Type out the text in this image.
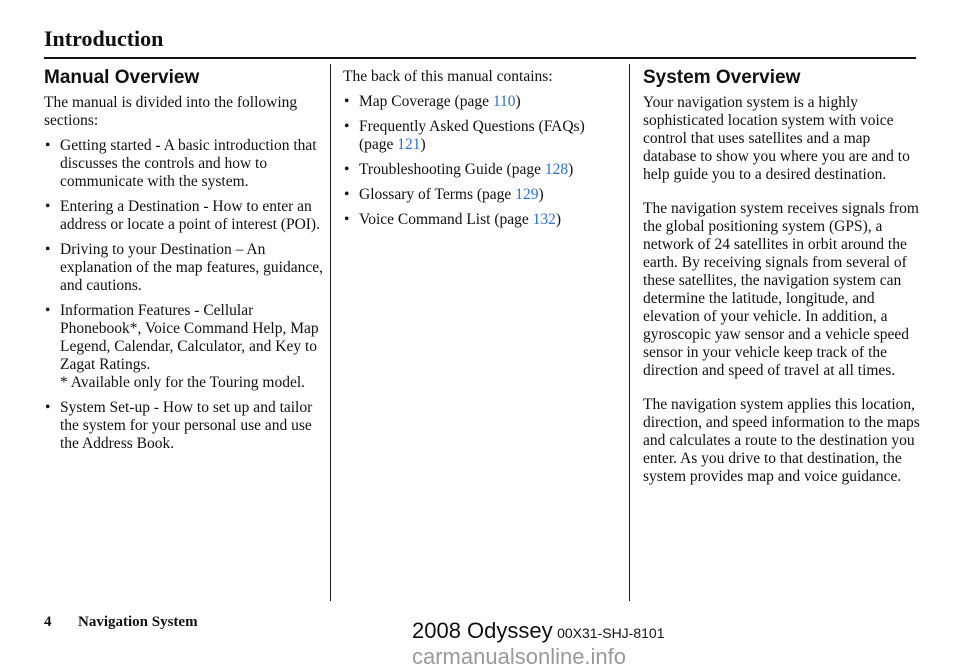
Introduction
Manual Overview

The manual is divided into the following sections:

• Getting started - A basic introduction that discusses the controls and how to communicate with the system.
• Entering a Destination - How to enter an address or locate a point of interest (POI).
• Driving to your Destination – An explanation of the map features, guidance, and cautions.
• Information Features - Cellular Phonebook*, Voice Command Help, Map Legend, Calendar, Calculator, and Key to Zagat Ratings.
* Available only for the Touring model.
• System Set-up - How to set up and tailor the system for your personal use and use the Address Book.

The back of this manual contains:

• Map Coverage (page 110)
• Frequently Asked Questions (FAQs) (page 121)
• Troubleshooting Guide (page 128)
• Glossary of Terms (page 129)
• Voice Command List (page 132)
System Overview

Your navigation system is a highly sophisticated location system with voice control that uses satellites and a map database to show you where you are and to help guide you to a desired destination.

The navigation system receives signals from the global positioning system (GPS), a network of 24 satellites in orbit around the earth. By receiving signals from several of these satellites, the navigation system can determine the latitude, longitude, and elevation of your vehicle. In addition, a gyroscopic yaw sensor and a vehicle speed sensor in your vehicle keep track of the direction and speed of travel at all times.

The navigation system applies this location, direction, and speed information to the maps and calculates a route to the destination you enter. As you drive to that destination, the system provides map and voice guidance.

4 Navigation System	2008 Odyssey 00X31-SHJ-8101
carmanualsonline.info
